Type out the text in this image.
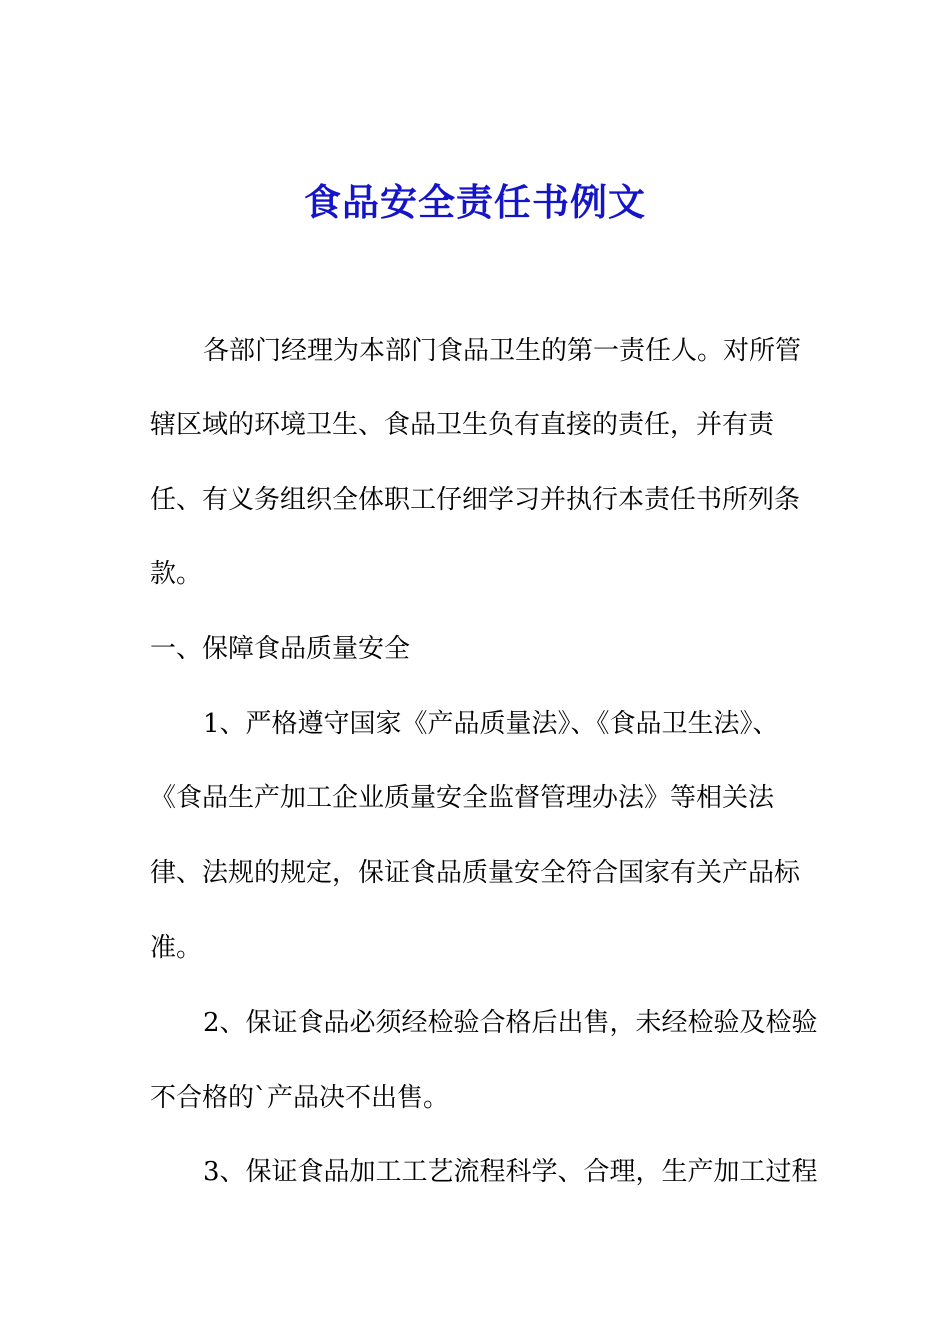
食品安全责任书例文

各部门经理为本部门食品卫生的第一责任人。对所管

辖区域的环境卫生、食品卫生负有直接的责任，并有责

任、有义务组织全体职工仔细学习并执行本责任书所列条

款。

一、保障食品质量安全

1、严格遵守国家《产品质量法》、《食品卫生法》、

《食品生产加工企业质量安全监督管理办法》等相关法

律、法规的规定，保证食品质量安全符合国家有关产品标

准。

2、保证食品必须经检验合格后出售，未经检验及检验

不合格的`产品决不出售。

3、保证食品加工工艺流程科学、合理，生产加工过程
